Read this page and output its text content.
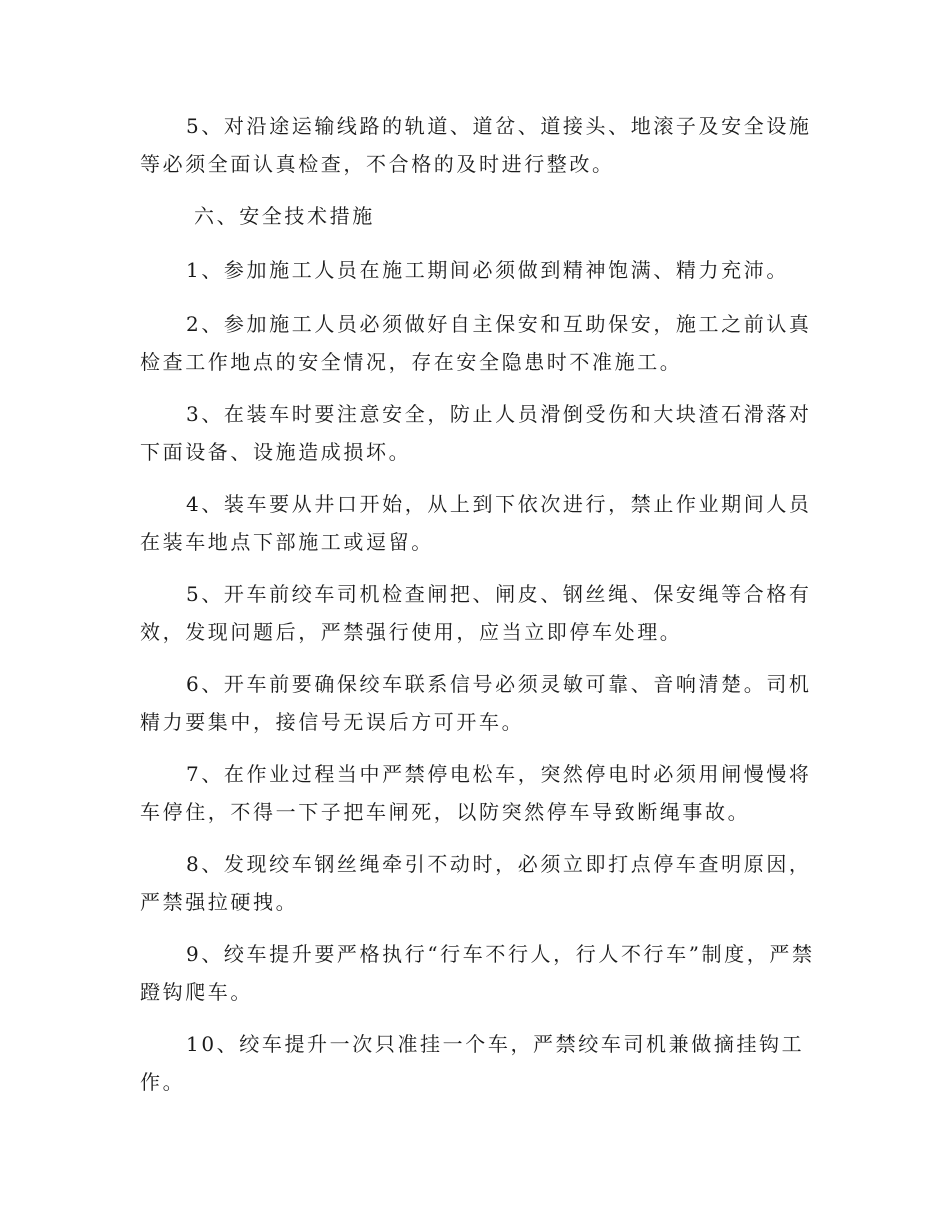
5、对沿途运输线路的轨道、道岔、道接头、地滚子及安全设施等必须全面认真检查，不合格的及时进行整改。

六、安全技术措施

1、参加施工人员在施工期间必须做到精神饱满、精力充沛。

2、参加施工人员必须做好自主保安和互助保安，施工之前认真检查工作地点的安全情况，存在安全隐患时不准施工。

3、在装车时要注意安全，防止人员滑倒受伤和大块渣石滑落对下面设备、设施造成损坏。

4、装车要从井口开始，从上到下依次进行，禁止作业期间人员在装车地点下部施工或逗留。

5、开车前绞车司机检查闸把、闸皮、钢丝绳、保安绳等合格有效，发现问题后，严禁强行使用，应当立即停车处理。

6、开车前要确保绞车联系信号必须灵敏可靠、音响清楚。司机精力要集中，接信号无误后方可开车。

7、在作业过程当中严禁停电松车，突然停电时必须用闸慢慢将车停住，不得一下子把车闸死，以防突然停车导致断绳事故。

8、发现绞车钢丝绳牵引不动时，必须立即打点停车查明原因，严禁强拉硬拽。

9、绞车提升要严格执行“行车不行人，行人不行车”制度，严禁蹬钩爬车。

10、绞车提升一次只准挂一个车，严禁绞车司机兼做摘挂钩工作。
